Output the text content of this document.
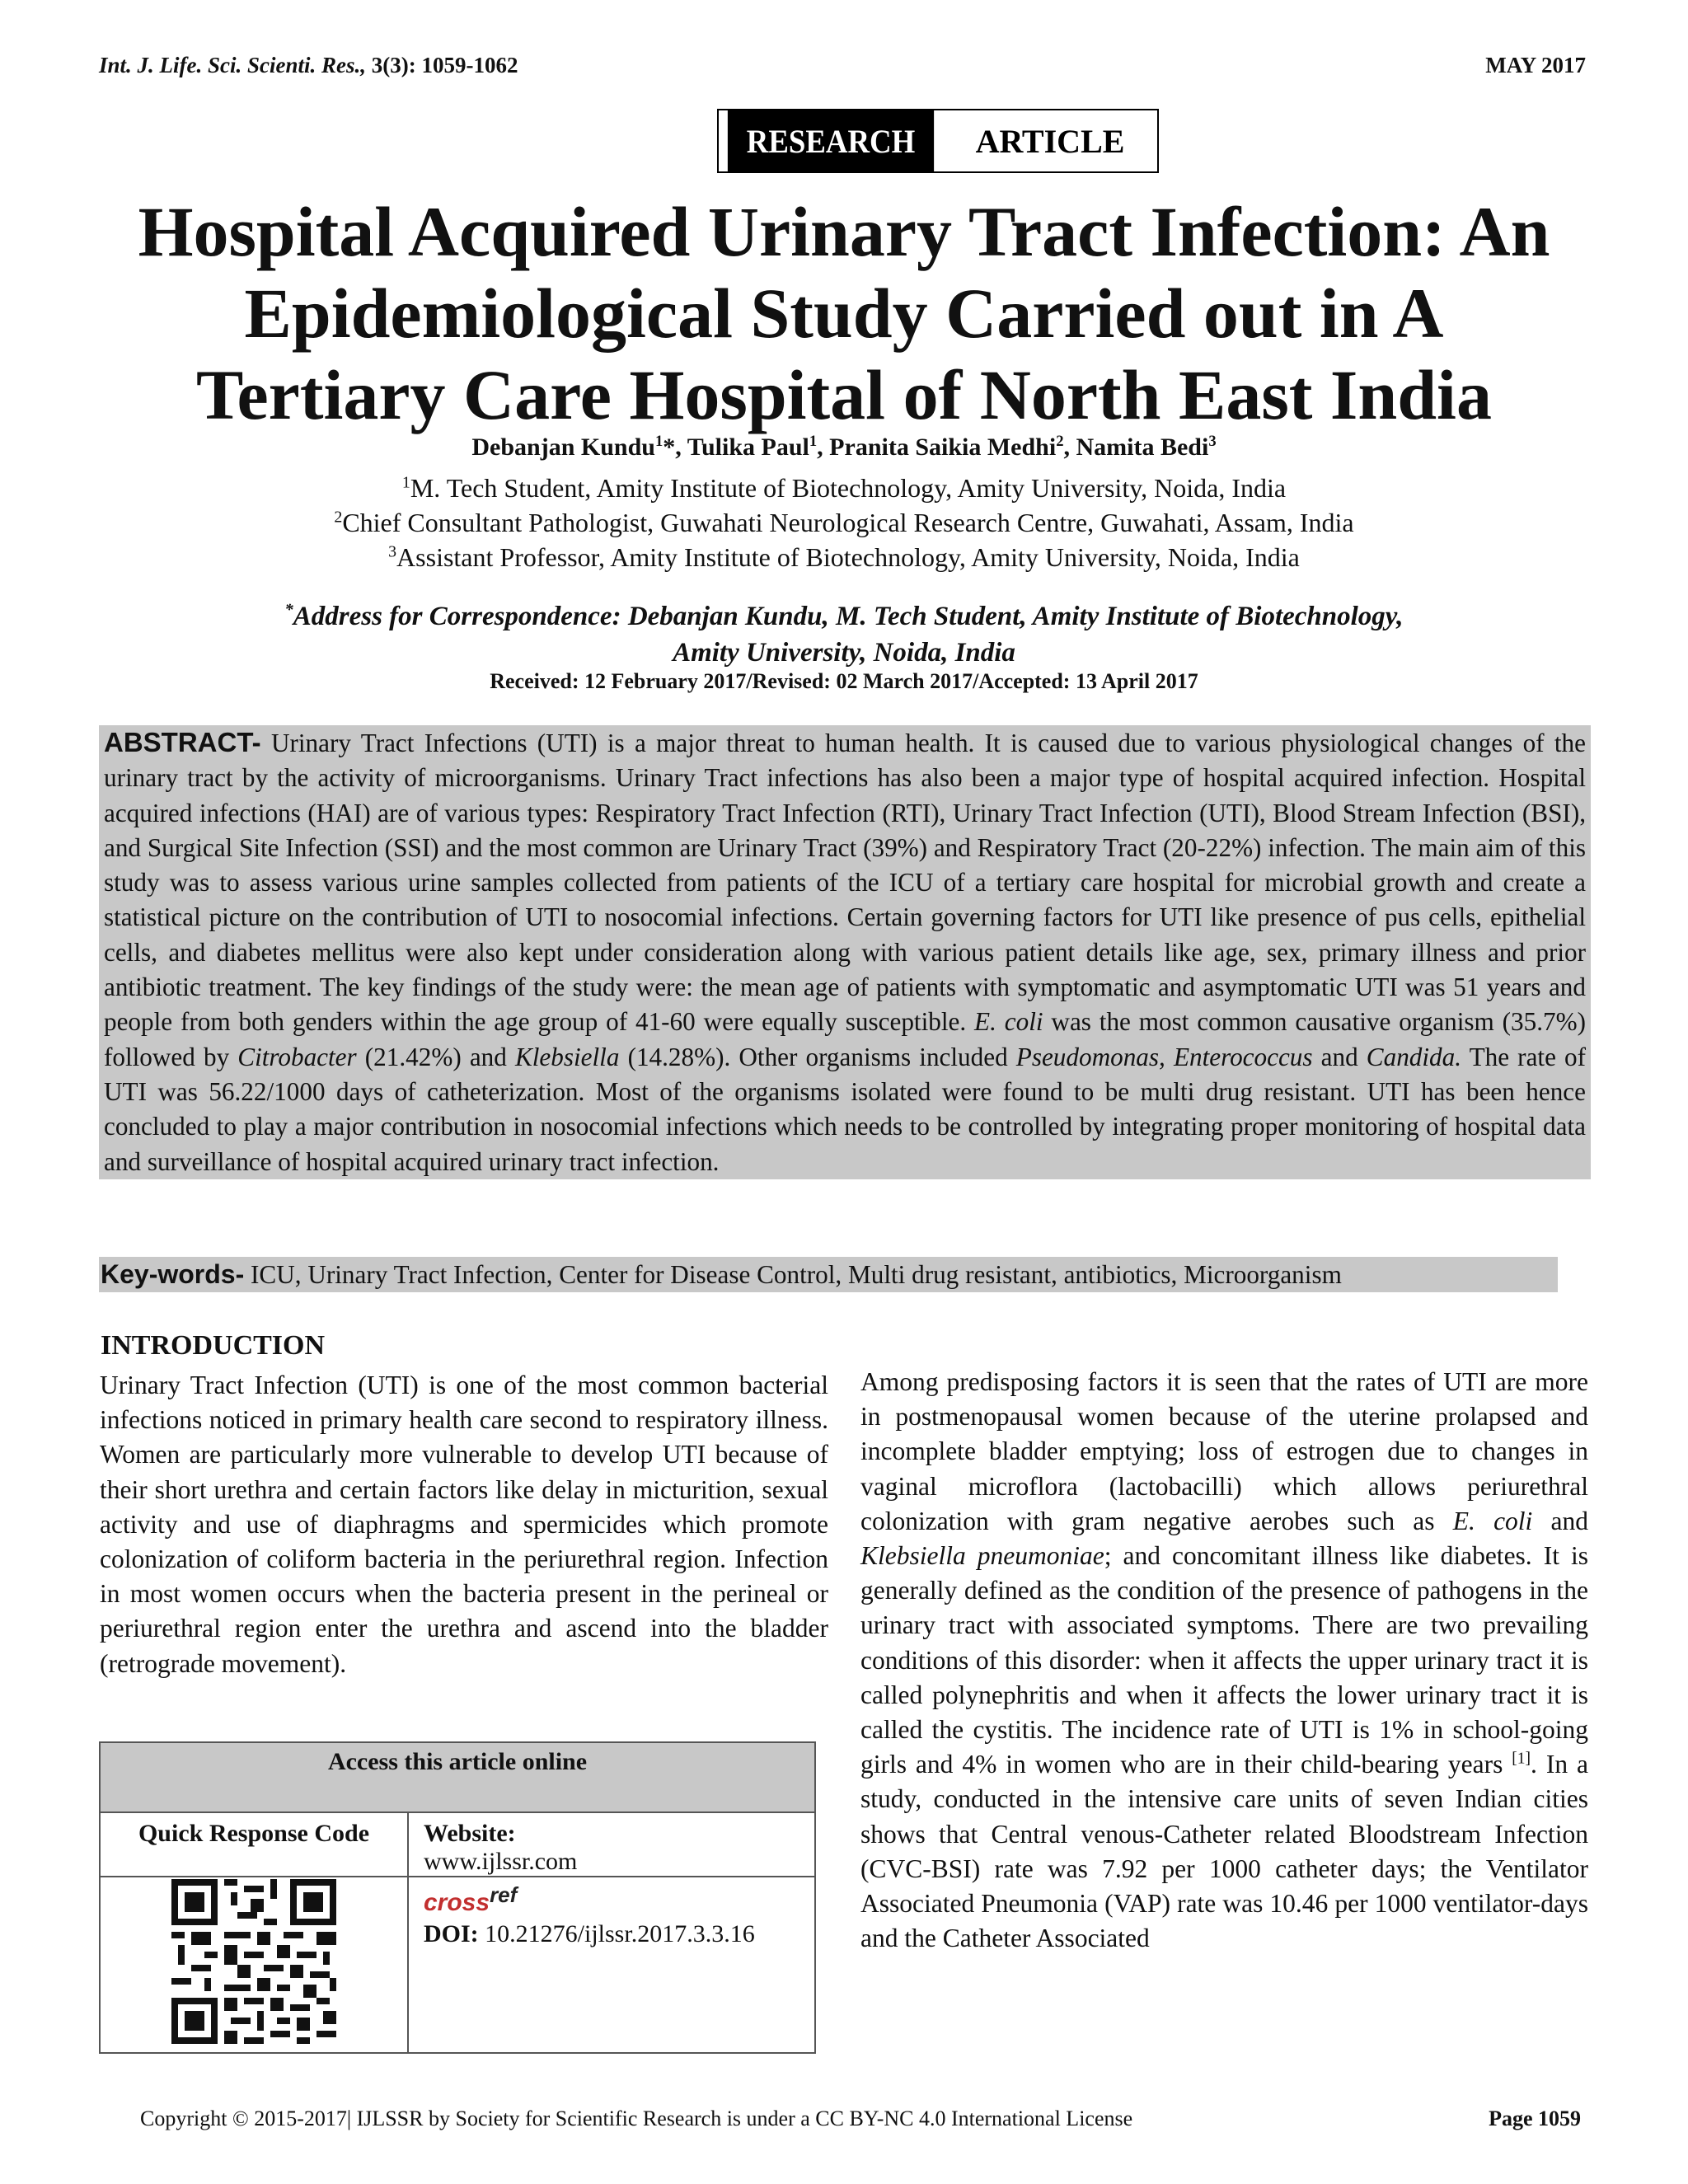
Int. J. Life. Sci. Scienti. Res., 3(3): 1059-1062	MAY 2017
RESEARCH	ARTICLE
Hospital Acquired Urinary Tract Infection: An
Epidemiological Study Carried out in A
Tertiary Care Hospital of North East India
Debanjan Kundu$^1$*, Tulika Paul$^1$, Pranita Saikia Medhi$^2$, Namita Bedi$^3$
$^1$M. Tech Student, Amity Institute of Biotechnology, Amity University, Noida, India
$^2$Chief Consultant Pathologist, Guwahati Neurological Research Centre, Guwahati, Assam, India
$^3$Assistant Professor, Amity Institute of Biotechnology, Amity University, Noida, India
*Address for Correspondence: Debanjan Kundu, M. Tech Student, Amity Institute of Biotechnology,
Amity University, Noida, India
Received: 12 February 2017/Revised: 02 March 2017/Accepted: 13 April 2017
ABSTRACT- Urinary Tract Infections (UTI) is a major threat to human health. It is caused due to various physiological changes of the urinary tract by the activity of microorganisms. Urinary Tract infections has also been a major type of hospital acquired infection. Hospital acquired infections (HAI) are of various types: Respiratory Tract Infection (RTI), Urinary Tract Infection (UTI), Blood Stream Infection (BSI), and Surgical Site Infection (SSI) and the most common are Urinary Tract (39%) and Respiratory Tract (20-22%) infection. The main aim of this study was to assess various urine samples collected from patients of the ICU of a tertiary care hospital for microbial growth and create a statistical picture on the contribution of UTI to nosocomial infections. Certain governing factors for UTI like presence of pus cells, epithelial cells, and diabetes mellitus were also kept under consideration along with various patient details like age, sex, primary illness and prior antibiotic treatment. The key findings of the study were: the mean age of patients with symptomatic and asymptomatic UTI was 51 years and people from both genders within the age group of 41-60 were equally susceptible. E. coli was the most common causative organism (35.7%) followed by Citrobacter (21.42%) and Klebsiella (14.28%). Other organisms included Pseudomonas, Enterococcus and Candida. The rate of UTI was 56.22/1000 days of catheterization. Most of the organisms isolated were found to be multi drug resistant. UTI has been hence concluded to play a major contribution in nosocomial infections which needs to be controlled by integrating proper monitoring of hospital data and surveillance of hospital acquired urinary tract infection.
Key-words- ICU, Urinary Tract Infection, Center for Disease Control, Multi drug resistant, antibiotics, Microorganism
INTRODUCTION
Urinary Tract Infection (UTI) is one of the most common bacterial infections noticed in primary health care second to respiratory illness. Women are particularly more vulnerable to develop UTI because of their short urethra and certain factors like delay in micturition, sexual activity and use of diaphragms and spermicides which promote colonization of coliform bacteria in the periurethral region. Infection in most women occurs when the bacteria present in the perineal or periurethral region enter the urethra and ascend into the bladder (retrograde movement).
Among predisposing factors it is seen that the rates of UTI are more in postmenopausal women because of the uterine prolapsed and incomplete bladder emptying; loss of estrogen due to changes in vaginal microflora (lactobacilli) which allows periurethral colonization with gram negative aerobes such as E. coli and Klebsiella pneumoniae; and concomitant illness like diabetes. It is generally defined as the condition of the presence of pathogens in the urinary tract with associated symptoms. There are two prevailing conditions of this disorder: when it affects the upper urinary tract it is called polynephritis and when it affects the lower urinary tract it is called the cystitis. The incidence rate of UTI is 1% in school-going girls and 4% in women who are in their child-bearing years [1]. In a study, conducted in the intensive care units of seven Indian cities shows that Central venous-Catheter related Bloodstream Infection (CVC-BSI) rate was 7.92 per 1000 catheter days; the Ventilator Associated Pneumonia (VAP) rate was 10.46 per 1000 ventilator-days and the Catheter Associated
Access this article online	
Quick Response Code	Website:
www.ijlssr.com

crossref
DOI: 10.21276/ijlssr.2017.3.3.16
Copyright © 2015-2017| IJLSSR by Society for Scientific Research is under a CC BY-NC 4.0 International License	Page 1059
